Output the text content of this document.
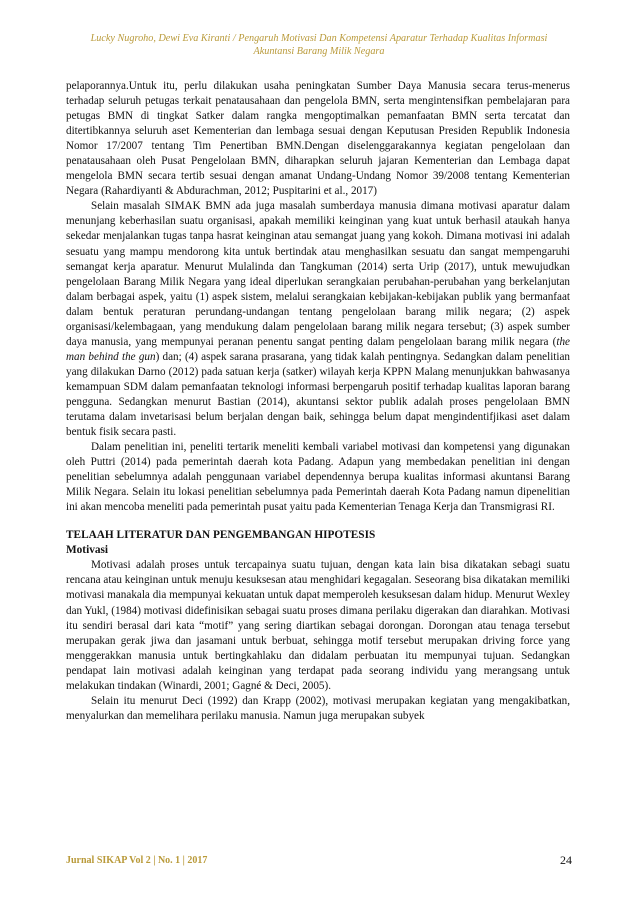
Lucky Nugroho, Dewi Eva Kiranti / Pengaruh Motivasi Dan Kompetensi Aparatur Terhadap Kualitas Informasi
Akuntansi Barang Milik Negara

pelaporannya.Untuk itu, perlu dilakukan usaha peningkatan Sumber Daya Manusia secara terus-menerus terhadap seluruh petugas terkait penatausahaan dan pengelola BMN, serta mengintensifkan pembelajaran para petugas BMN di tingkat Satker dalam rangka mengoptimalkan pemanfaatan BMN serta tercatat dan ditertibkannya seluruh aset Kementerian dan lembaga sesuai dengan Keputusan Presiden Republik Indonesia Nomor 17/2007 tentang Tim Penertiban BMN.Dengan diselenggarakannya kegiatan pengelolaan dan penatausahaan oleh Pusat Pengelolaan BMN, diharapkan seluruh jajaran Kementerian dan Lembaga dapat mengelola BMN secara tertib sesuai dengan amanat Undang-Undang Nomor 39/2008 tentang Kementerian Negara (Rahardiyanti & Abdurachman, 2012; Puspitarini et al., 2017)

Selain masalah SIMAK BMN ada juga masalah sumberdaya manusia dimana motivasi aparatur dalam menunjang keberhasilan suatu organisasi, apakah memiliki keinginan yang kuat untuk berhasil ataukah hanya sekedar menjalankan tugas tanpa hasrat keinginan atau semangat juang yang kokoh. Dimana motivasi ini adalah sesuatu yang mampu mendorong kita untuk bertindak atau menghasilkan sesuatu dan sangat mempengaruhi semangat kerja aparatur. Menurut Mulalinda dan Tangkuman (2014) serta Urip (2017), untuk mewujudkan pengelolaan Barang Milik Negara yang ideal diperlukan serangkaian perubahan-perubahan yang berkelanjutan dalam berbagai aspek, yaitu (1) aspek sistem, melalui serangkaian kebijakan-kebijakan publik yang bermanfaat dalam bentuk peraturan perundang-undangan tentang pengelolaan barang milik negara; (2) aspek organisasi/kelembagaan, yang mendukung dalam pengelolaan barang milik negara tersebut; (3) aspek sumber daya manusia, yang mempunyai peranan penentu sangat penting dalam pengelolaan barang milik negara (the man behind the gun) dan; (4) aspek sarana prasarana, yang tidak kalah pentingnya. Sedangkan dalam penelitian yang dilakukan Darno (2012) pada satuan kerja (satker) wilayah kerja KPPN Malang menunjukkan bahwasanya kemampuan SDM dalam pemanfaatan teknologi informasi berpengaruh positif terhadap kualitas laporan barang pengguna. Sedangkan menurut Bastian (2014), akuntansi sektor publik adalah proses pengelolaan BMN terutama dalam invetarisasi belum berjalan dengan baik, sehingga belum dapat mengindentifjikasi aset dalam bentuk fisik secara pasti.

Dalam penelitian ini, peneliti tertarik meneliti kembali variabel motivasi dan kompetensi yang digunakan oleh Puttri (2014) pada pemerintah daerah kota Padang. Adapun yang membedakan penelitian ini dengan penelitian sebelumnya adalah penggunaan variabel dependennya berupa kualitas informasi akuntansi Barang Milik Negara. Selain itu lokasi penelitian sebelumnya pada Pemerintah daerah Kota Padang namun dipenelitian ini akan mencoba meneliti pada pemerintah pusat yaitu pada Kementerian Tenaga Kerja dan Transmigrasi RI.

TELAAH LITERATUR DAN PENGEMBANGAN HIPOTESIS
Motivasi

Motivasi adalah proses untuk tercapainya suatu tujuan, dengan kata lain bisa dikatakan sebagi suatu rencana atau keinginan untuk menuju kesuksesan atau menghidari kegagalan. Seseorang bisa dikatakan memiliki motivasi manakala dia mempunyai kekuatan untuk dapat memperoleh kesuksesan dalam hidup. Menurut Wexley dan Yukl, (1984) motivasi didefinisikan sebagai suatu proses dimana perilaku digerakan dan diarahkan. Motivasi itu sendiri berasal dari kata “motif” yang sering diartikan sebagai dorongan. Dorongan atau tenaga tersebut merupakan gerak jiwa dan jasamani untuk berbuat, sehingga motif tersebut merupakan driving force yang menggerakkan manusia untuk bertingkahlaku dan didalam perbuatan itu mempunyai tujuan. Sedangkan pendapat lain motivasi adalah keinginan yang terdapat pada seorang individu yang merangsang untuk melakukan tindakan (Winardi, 2001; Gagné & Deci, 2005).

Selain itu menurut Deci (1992) dan Krapp (2002), motivasi merupakan kegiatan yang mengakibatkan, menyalurkan dan memelihara perilaku manusia. Namun juga merupakan subyek

Jurnal SIKAP Vol 2 | No. 1 | 2017	24
